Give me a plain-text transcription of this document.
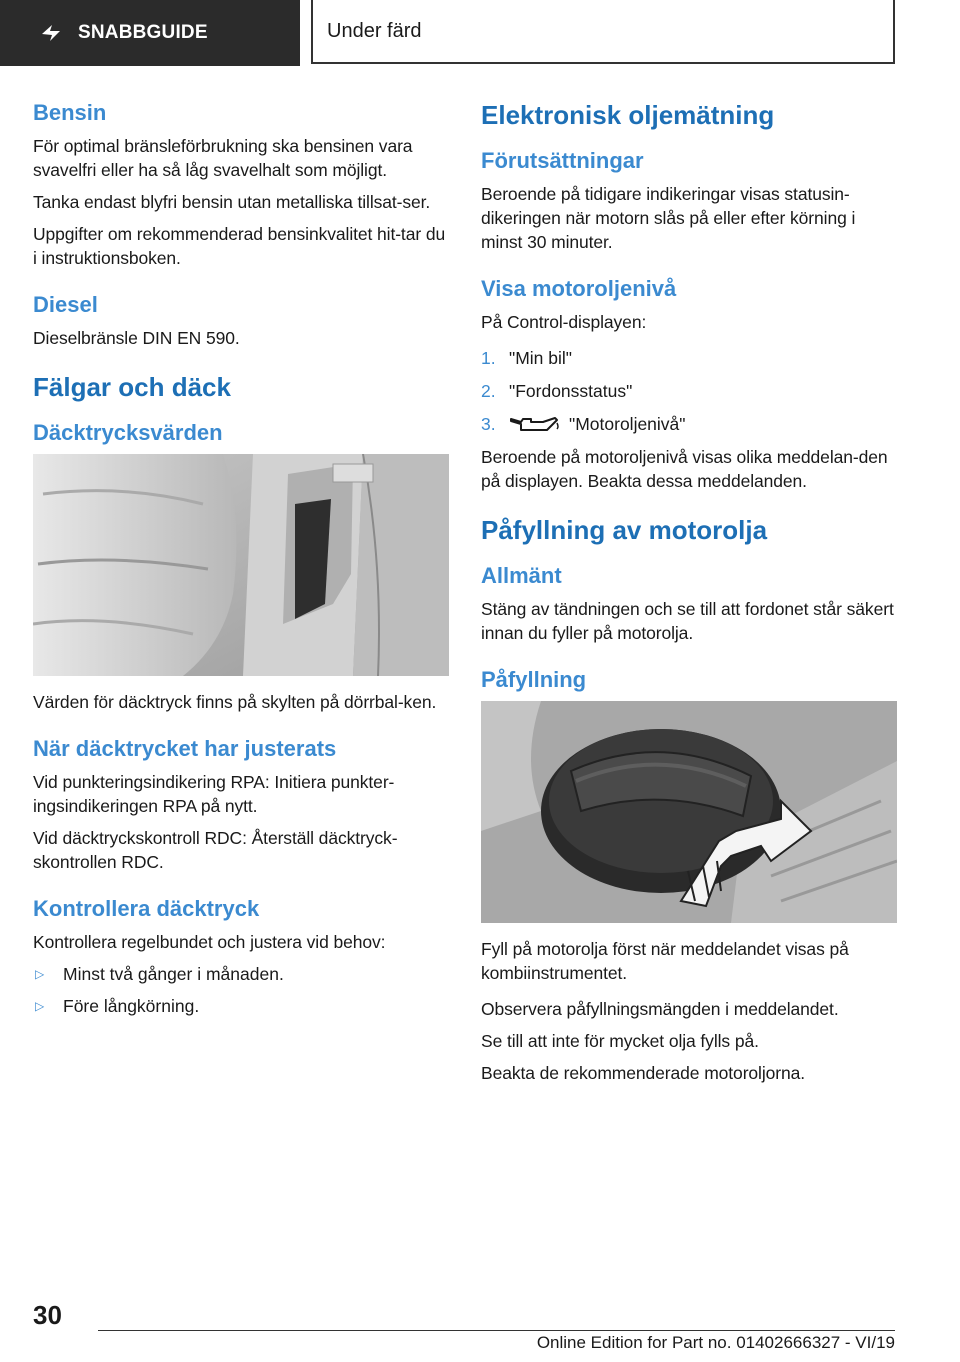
SNABBGUIDE	Under färd
Bensin

För optimal bränsleförbrukning ska bensinen vara svavelfri eller ha så låg svavelhalt som möjligt.

Tanka endast blyfri bensin utan metalliska tillsat-ser.

Uppgifter om rekommenderad bensinkvalitet hit-tar du i instruktionsboken.

Diesel

Dieselbränsle DIN EN 590.

Fälgar och däck
Däcktrycksvärden

Värden för däcktryck finns på skylten på dörrbal-ken.

När däcktrycket har justerats

Vid punkteringsindikering RPA: Initiera punkter-ingsindikeringen RPA på nytt.

Vid däcktryckskontroll RDC: Återställ däcktryck-skontrollen RDC.

Kontrollera däcktryck

Kontrollera regelbundet och justera vid behov:

▷	Minst två gånger i månaden.
▷	Före långkörning.
Elektronisk oljemätning
Förutsättningar

Beroende på tidigare indikeringar visas statusin-dikeringen när motorn slås på eller efter körning i minst 30 minuter.

Visa motoroljenivå

På Control-displayen:

1. "Min bil"
2. "Fordonsstatus"
3.	"Motoroljenivå"

Beroende på motoroljenivå visas olika meddelan-den på displayen. Beakta dessa meddelanden.

Påfyllning av motorolja
Allmänt

Stäng av tändningen och se till att fordonet står säkert innan du fyller på motorolja.

Påfyllning

Fyll på motorolja först när meddelandet visas på kombiinstrumentet.

Observera påfyllningsmängden i meddelandet.

Se till att inte för mycket olja fylls på.

Beakta de rekommenderade motoroljorna.

30
Online Edition for Part no. 01402666327 - VI/19
